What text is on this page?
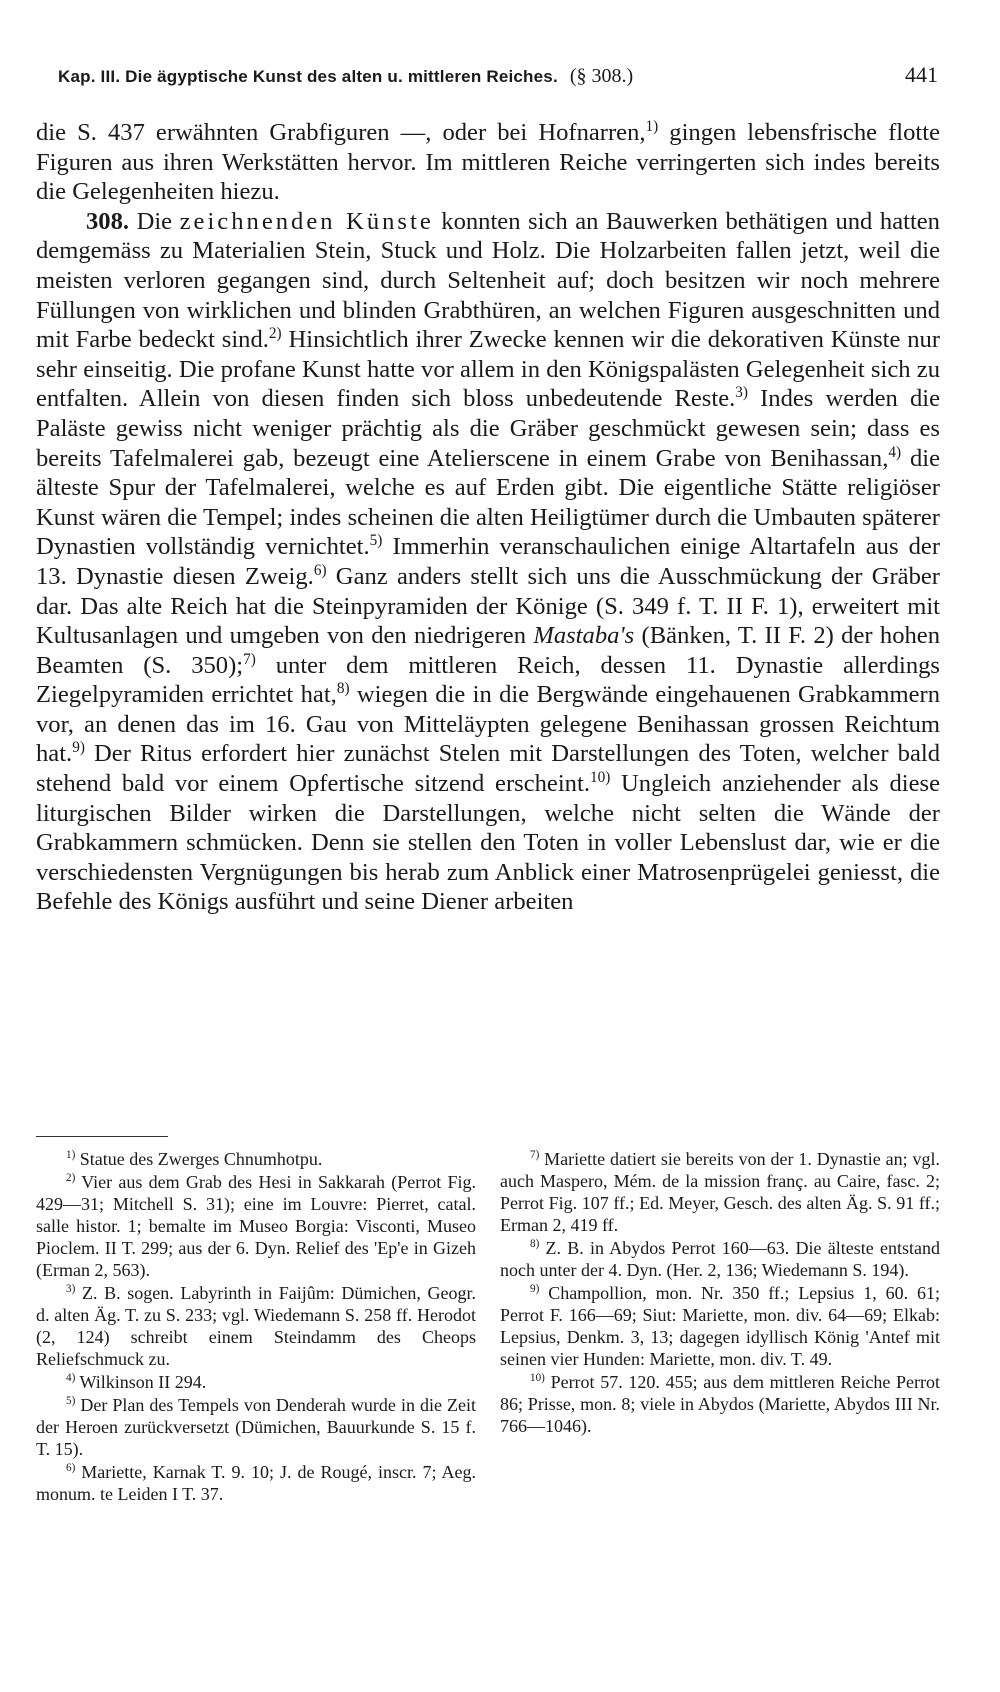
Kap. III. Die ägyptische Kunst des alten u. mittleren Reiches. (§ 308.)	441

die S. 437 erwähnten Grabfiguren —, oder bei Hofnarren,$^{1)}$ gingen lebensfrische flotte Figuren aus ihren Werkstätten hervor. Im mittleren Reiche verringerten sich indes bereits die Gelegenheiten hiezu.

308. Die zeichnenden Künste konnten sich an Bauwerken bethätigen und hatten demgemäss zu Materialien Stein, Stuck und Holz. Die Holzarbeiten fallen jetzt, weil die meisten verloren gegangen sind, durch Seltenheit auf; doch besitzen wir noch mehrere Füllungen von wirklichen und blinden Grabthüren, an welchen Figuren ausgeschnitten und mit Farbe bedeckt sind.$^{2)}$ Hinsichtlich ihrer Zwecke kennen wir die dekorativen Künste nur sehr einseitig. Die profane Kunst hatte vor allem in den Königspalästen Gelegenheit sich zu entfalten. Allein von diesen finden sich bloss unbedeutende Reste.$^{3)}$ Indes werden die Paläste gewiss nicht weniger prächtig als die Gräber geschmückt gewesen sein; dass es bereits Tafelmalerei gab, bezeugt eine Atelierscene in einem Grabe von Benihassan,$^{4)}$ die älteste Spur der Tafelmalerei, welche es auf Erden gibt. Die eigentliche Stätte religiöser Kunst wären die Tempel; indes scheinen die alten Heiligtümer durch die Umbauten späterer Dynastien vollständig vernichtet.$^{5)}$ Immerhin veranschaulichen einige Altartafeln aus der 13. Dynastie diesen Zweig.$^{6)}$ Ganz anders stellt sich uns die Ausschmückung der Gräber dar. Das alte Reich hat die Steinpyramiden der Könige (S. 349 f. T. II F. 1), erweitert mit Kultusanlagen und umgeben von den niedrigeren Mastaba's (Bänken, T. II F. 2) der hohen Beamten (S. 350);$^{7)}$ unter dem mittleren Reich, dessen 11. Dynastie allerdings Ziegelpyramiden errichtet hat,$^{8)}$ wiegen die in die Bergwände eingehauenen Grabkammern vor, an denen das im 16. Gau von Mitteläypten gelegene Benihassan grossen Reichtum hat.$^{9)}$ Der Ritus erfordert hier zunächst Stelen mit Darstellungen des Toten, welcher bald stehend bald vor einem Opfertische sitzend erscheint.$^{10)}$ Ungleich anziehender als diese liturgischen Bilder wirken die Darstellungen, welche nicht selten die Wände der Grabkammern schmücken. Denn sie stellen den Toten in voller Lebenslust dar, wie er die verschiedensten Vergnügungen bis herab zum Anblick einer Matrosenprügelei geniesst, die Befehle des Königs ausführt und seine Diener arbeiten

$^{1)}$ Statue des Zwerges Chnumhotpu.

$^{2)}$ Vier aus dem Grab des Hesi in Sakkarah (Perrot Fig. 429—31; Mitchell S. 31); eine im Louvre: Pierret, catal. salle histor. 1; bemalte im Museo Borgia: Visconti, Museo Pioclem. II T. 299; aus der 6. Dyn. Relief des 'Ep'e in Gizeh (Erman 2, 563).

$^{3)}$ Z. B. sogen. Labyrinth in Faijûm: Dümichen, Geogr. d. alten Äg. T. zu S. 233; vgl. Wiedemann S. 258 ff. Herodot (2, 124) schreibt einem Steindamm des Cheops Reliefschmuck zu.

$^{4)}$ Wilkinson II 294.

$^{5)}$ Der Plan des Tempels von Denderah wurde in die Zeit der Heroen zurückversetzt (Dümichen, Bauurkunde S. 15 f. T. 15).

$^{6)}$ Mariette, Karnak T. 9. 10; J. de Rougé, inscr. 7; Aeg. monum. te Leiden I T. 37.

$^{7)}$ Mariette datiert sie bereits von der 1. Dynastie an; vgl. auch Maspero, Mém. de la mission franç. au Caire, fasc. 2; Perrot Fig. 107 ff.; Ed. Meyer, Gesch. des alten Äg. S. 91 ff.; Erman 2, 419 ff.

$^{8)}$ Z. B. in Abydos Perrot 160—63. Die älteste entstand noch unter der 4. Dyn. (Her. 2, 136; Wiedemann S. 194).

$^{9)}$ Champollion, mon. Nr. 350 ff.; Lepsius 1, 60. 61; Perrot F. 166—69; Siut: Mariette, mon. div. 64—69; Elkab: Lepsius, Denkm. 3, 13; dagegen idyllisch König 'Antef mit seinen vier Hunden: Mariette, mon. div. T. 49.

$^{10)}$ Perrot 57. 120. 455; aus dem mittleren Reiche Perrot 86; Prisse, mon. 8; viele in Abydos (Mariette, Abydos III Nr. 766—1046).
